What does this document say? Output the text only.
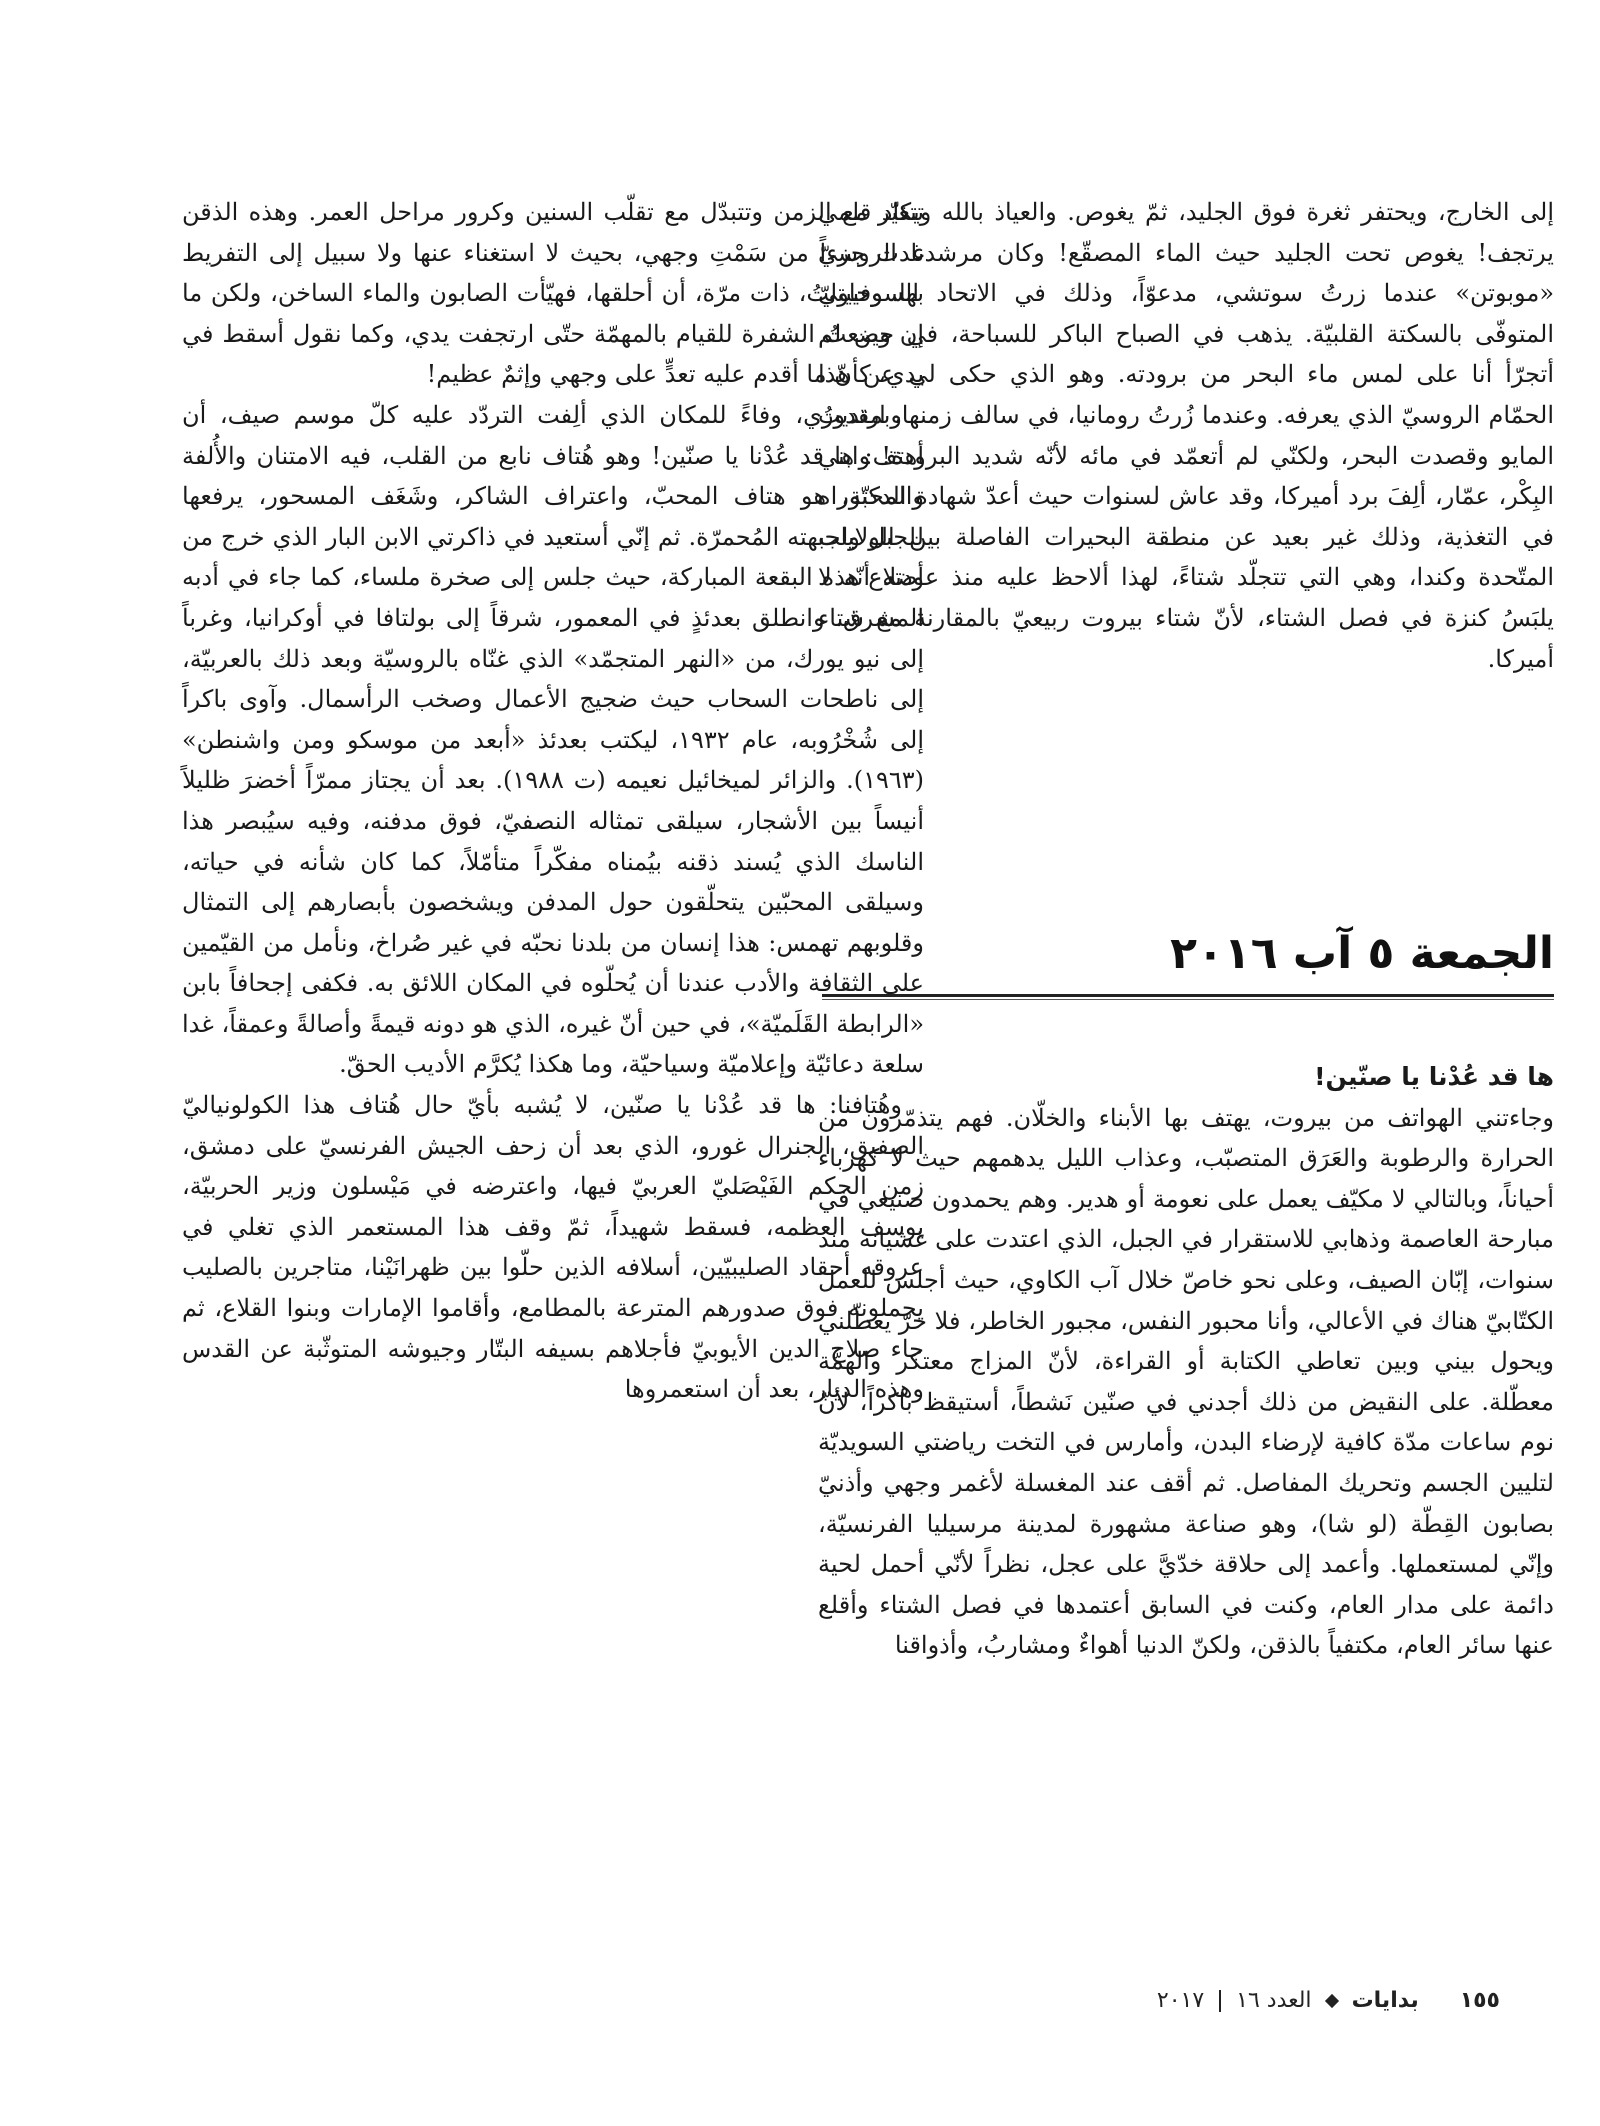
إلى الخارج، ويحتفر ثغرة فوق الجليد، ثمّ يغوص. والعياذ بالله ويكاد قلمي يرتجف! يغوص تحت الجليد حيث الماء المصقّع! وكان مرشدنا الروسيّ «موبوتن» عندما زرتُ سوتشي، مدعوّاً، وذلك في الاتحاد السوفييتيّ المتوفّى بالسكتة القلبيّة. يذهب في الصباح الباكر للسباحة، في حين لم أتجرّأ أنا على لمس ماء البحر من برودته. وهو الذي حكى لي عن هذا الحمّام الروسيّ الذي يعرفه. وعندما زُرتُ رومانيا، في سالف زمنها، ارتديتُ المايو وقصدت البحر، ولكنّي لم أتعمّد في مائه لأنّه شديد البرودة! وابني البِكْر، عمّار، ألِفَ برد أميركا، وقد عاش لسنوات حيث أعدّ شهادة الدكتوراه في التغذية، وذلك غير بعيد عن منطقة البحيرات الفاصلة بين الولايات المتّحدة وكندا، وهي التي تتجلّد شتاءً، لهذا ألاحظ عليه منذ عودته أنّه لا يلبَسُ كنزة في فصل الشتاء، لأنّ شتاء بيروت ربيعيّ بالمقارنة مع شتاء أميركا.

الجمعة ٥ آب ٢٠١٦

ها قد عُدْنا يا صنّين!

وجاءتني الهواتف من بيروت، يهتف بها الأبناء والخلّان. فهم يتذمّرون من الحرارة والرطوبة والعَرَق المتصبّب، وعذاب الليل يدهمهم حيث لا كهرباء أحياناً، وبالتالي لا مكيّف يعمل على نعومة أو هدير. وهم يحمدون صنيعي في مبارحة العاصمة وذهابي للاستقرار في الجبل، الذي اعتدت على غشيانه منذ سنوات، إبّان الصيف، وعلى نحو خاصّ خلال آب الكاوي، حيث أجلس للعمل الكتّابيّ هناك في الأعالي، وأنا محبور النفس، مجبور الخاطر، فلا حرّ يعطّلني ويحول بيني وبين تعاطي الكتابة أو القراءة، لأنّ المزاج معتكر والهمّة معطّلة. على النقيض من ذلك أجدني في صنّين نَشطاً، أستيقظ باكراً، لأنّ نوم ساعات مدّة كافية لإرضاء البدن، وأمارس في التخت رياضتي السويديّة لتليين الجسم وتحريك المفاصل. ثم أقف عند المغسلة لأغمر وجهي وأذنيّ بصابون القِطّة (لو شا)، وهو صناعة مشهورة لمدينة مرسيليا الفرنسيّة، وإنّي لمستعملها. وأعمد إلى حلاقة خدّيَّ على عجل، نظراً لأنّي أحمل لحية دائمة على مدار العام، وكنت في السابق أعتمدها في فصل الشتاء وأقلع عنها سائر العام، مكتفياً بالذقن، ولكنّ الدنيا أهواءٌ ومشاربُ، وأذواقنا

تتغيّر مع الزمن وتتبدّل مع تقلّب السنين وكرور مراحل العمر. وهذه الذقن غدت جزءاً من سَمْتِ وجهي، بحيث لا استغناء عنها ولا سبيل إلى التفريط بها. وحاولتُ، ذات مرّة، أن أحلقها، فهيّأت الصابون والماء الساخن، ولكن ما إن وضعتُ الشفرة للقيام بالمهمّة حتّى ارتجفت يدي، وكما نقول أسقط في يدي، كأنّ ما أقدم عليه تعدٍّ على وجهي وإثمٌ عظيم!

وبمقدوري، وفاءً للمكان الذي ألِفت التردّد عليه كلّ موسم صيف، أن أهتف: ها قد عُدْنا يا صنّين! وهو هُتاف نابع من القلب، فيه الامتنان والأُلفة والمحبّة، هو هتاف المحبّ، واعتراف الشاكر، وشَغَف المسحور، يرفعها للجبل ولجبهته المُحمرّة. ثم إنّي أستعيد في ذاكرتي الابن البار الذي خرج من أضلاع هذه البقعة المباركة، حيث جلس إلى صخرة ملساء، كما جاء في أدبه المشرق. وانطلق بعدئذٍ في المعمور، شرقاً إلى بولتافا في أوكرانيا، وغرباً إلى نيو يورك، من «النهر المتجمّد» الذي غنّاه بالروسيّة وبعد ذلك بالعربيّة، إلى ناطحات السحاب حيث ضجيج الأعمال وصخب الرأسمال. وآوى باكراً إلى شُخْرُوبه، عام ١٩٣٢، ليكتب بعدئذ «أبعد من موسكو ومن واشنطن» (١٩٦٣). والزائر لميخائيل نعيمه (ت ١٩٨٨). بعد أن يجتاز ممرّاً أخضرَ ظليلاً أنيساً بين الأشجار، سيلقى تمثاله النصفيّ، فوق مدفنه، وفيه سيُبصر هذا الناسك الذي يُسند ذقنه بيُمناه مفكّراً متأمّلاً، كما كان شأنه في حياته، وسيلقى المحبّين يتحلّقون حول المدفن ويشخصون بأبصارهم إلى التمثال وقلوبهم تهمس: هذا إنسان من بلدنا نحبّه في غير صُراخ، ونأمل من القيّمين على الثقافة والأدب عندنا أن يُحلّوه في المكان اللائق به. فكفى إجحافاً بابن «الرابطة القَلَميّة»، في حين أنّ غيره، الذي هو دونه قيمةً وأصالةً وعمقاً، غدا سلعة دعائيّة وإعلاميّة وسياحيّة، وما هكذا يُكرَّم الأديب الحقّ.

وهُتافنا: ها قد عُدْنا يا صنّين، لا يُشبه بأيّ حال هُتاف هذا الكولونياليّ الصفيق، الجنرال غورو، الذي بعد أن زحف الجيش الفرنسيّ على دمشق، زمن الحكم الفَيْصَليّ العربيّ فيها، واعترضه في مَيْسلون وزير الحربيّة، يوسف العظمه، فسقط شهيداً، ثمّ وقف هذا المستعمر الذي تغلي في عروقه أحقاد الصليبيّين، أسلافه الذين حلّوا بين ظهرانَيْنا، متاجرين بالصليب يحملونه فوق صدورهم المترعة بالمطامع، وأقاموا الإمارات وبنوا القلاع، ثم جاء صلاح الدين الأيوبيّ فأجلاهم بسيفه البتّار وجيوشه المتوثّبة عن القدس وهذه الديار، بعد أن استعمروها

١٥٥ بدايات  العدد ١٦  ٢٠١٧
